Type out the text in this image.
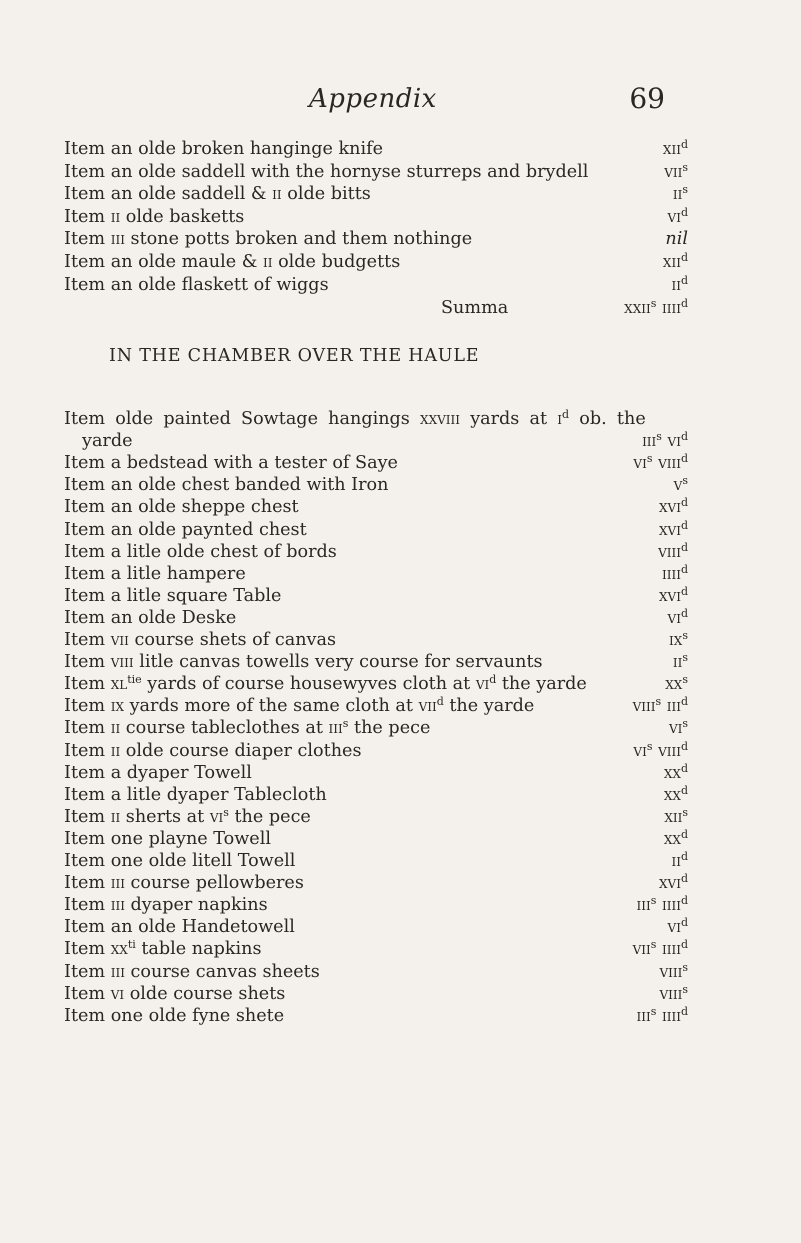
Appendix	69
IN THE CHAMBER OVER THE HAULE
Item an olde broken hanginge knife	xii$^d$
Item an olde saddell with the hornyse sturreps and brydell	vii$^s$
Item an olde saddell & ii olde bitts	$ii^s$
Item ii olde basketts	$vi^d$
Item iii stone potts broken and them nothinge	nil
Item an olde maule & ii olde budgetts	xii$^d$
Item an olde flaskett of wiggs	$ii^d$
Summa	xxii$^s$ iiii$^d$
Item olde painted Sowtage hangings xxviii yards at $i^d$ ob. the
yarde	iii$^s$ $vi^d$
Item a bedstead with a tester of Saye	$vi^s$ viii$^d$
Item an olde chest banded with Iron	$v^s$
Item an olde sheppe chest	xvi$^d$
Item an olde paynted chest	xvi$^d$
Item a litle olde chest of bords	viii$^d$
Item a litle hampere	iiii$^d$
Item a litle square Table	xvi$^d$
Item an olde Deske	$vi^d$
Item vii course shets of canvas	$ix^s$
Item viii litle canvas towells very course for servaunts	$ii^s$
Item $xl^{tie}$ yards of course housewyves cloth at $vi^d$ the yarde	$xx^s$
Item ix yards more of the same cloth at vii$^d$ the yarde	viii$^s$ iii$^d$
Item ii course tableclothes at iii$^s$ the pece	$vi^s$
Item ii olde course diaper clothes	$vi^s$ viii$^d$
Item a dyaper Towell	$xx^d$
Item a litle dyaper Tablecloth	$xx^d$
Item ii sherts at $vi^s$ the pece	xii$^s$
Item one playne Towell	$xx^d$
Item one olde litell Towell	$ii^d$
Item iii course pellowberes	xvi$^d$
Item iii dyaper napkins	iii$^s$ iiii$^d$
Item an olde Handetowell	$vi^d$
Item $xx^{ti}$ table napkins	vii$^s$ iiii$^d$
Item iii course canvas sheets	viii$^s$
Item vi olde course shets	viii$^s$
Item one olde fyne shete	iii$^s$ iiii$^d$
